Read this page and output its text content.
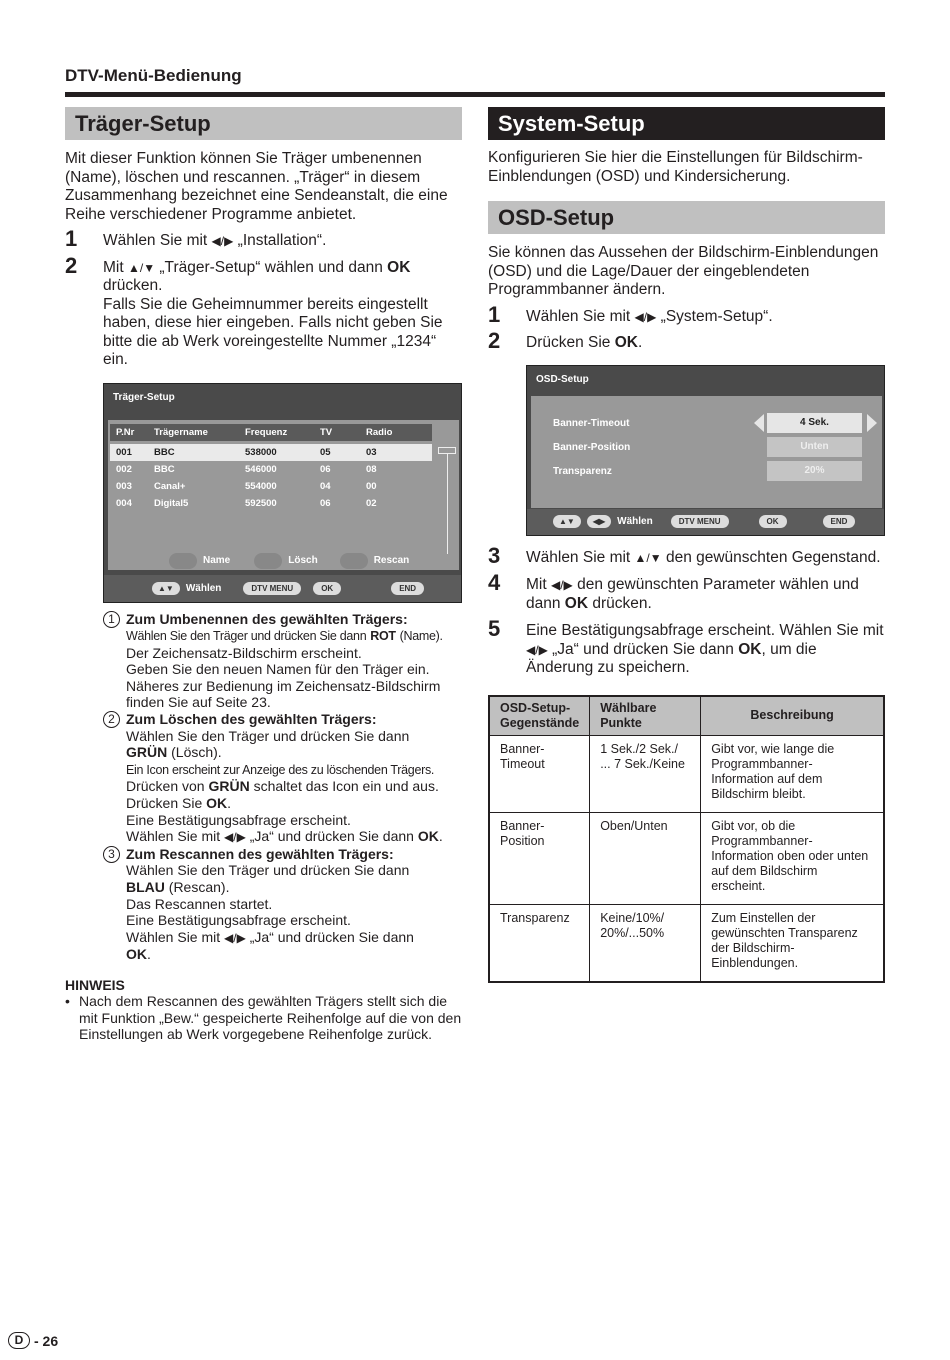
DTV-Menü-Bedienung
Träger-Setup

Mit dieser Funktion können Sie Träger umbenennen (Name), löschen und rescannen. „Träger“ in diesem Zusammenhang bezeichnet eine Sendeanstalt, die eine Reihe verschiedener Programme anbietet.

1 Wählen Sie mit ◀/▶ „Installation“.
2 Mit ▲/▼ „Träger-Setup“ wählen und dann OK drücken.
Falls Sie die Geheimnummer bereits eingestellt haben, diese hier eingeben. Falls nicht geben Sie bitte die ab Werk voreingestellte Nummer „1234“ ein.
Träger-Setup
P.Nr	Trägername	Frequenz	TV	Radio

001	BBC	538000	05	03
002	BBC	546000	06	08
003	Canal+	554000	04	00
004	Digital5	592500	06	02
Name	Lösch	Rescan
▲▼	Wählen	DTV MENU	OK	END
1 Zum Umbenennen des gewählten Trägers:
Wählen Sie den Träger und drücken Sie dann ROT (Name).
Der Zeichensatz-Bildschirm erscheint.
Geben Sie den neuen Namen für den Träger ein.
Näheres zur Bedienung im Zeichensatz-Bildschirm finden Sie auf Seite 23.
2 Zum Löschen des gewählten Trägers:
Wählen Sie den Träger und drücken Sie dann
GRÜN (Lösch).
Ein Icon erscheint zur Anzeige des zu löschenden Trägers.
Drücken von GRÜN schaltet das Icon ein und aus.
Drücken Sie OK.
Eine Bestätigungsabfrage erscheint.
Wählen Sie mit ◀/▶ „Ja“ und drücken Sie dann OK.
3 Zum Rescannen des gewählten Trägers:
Wählen Sie den Träger und drücken Sie dann
BLAU (Rescan).
Das Rescannen startet.
Eine Bestätigungsabfrage erscheint.
Wählen Sie mit ◀/▶ „Ja“ und drücken Sie dann
OK.
HINWEIS
• Nach dem Rescannen des gewählten Trägers stellt sich die mit Funktion „Bew.“ gespeicherte Reihenfolge auf die von den Einstellungen ab Werk vorgegebene Reihenfolge zurück.
System-Setup

Konfigurieren Sie hier die Einstellungen für Bildschirm-Einblendungen (OSD) und Kindersicherung.

OSD-Setup

Sie können das Aussehen der Bildschirm-Einblendungen (OSD) und die Lage/Dauer der eingeblendeten Programmbanner ändern.

1 Wählen Sie mit ◀/▶ „System-Setup“.
2 Drücken Sie OK.
OSD-Setup
Banner-Timeout	4 Sek.
Banner-Position	Unten
Transparenz	20%
▲▼	◀▶	Wählen	DTV MENU	OK	END
3 Wählen Sie mit ▲/▼ den gewünschten Gegenstand.
4 Mit ◀/▶ den gewünschten Parameter wählen und dann OK drücken.
5 Eine Bestätigungsabfrage erscheint. Wählen Sie mit ◀/▶ „Ja“ und drücken Sie dann OK, um die Änderung zu speichern.
OSD-Setup-Gegenstände	Wählbare Punkte	Beschreibung
Banner-Timeout	1 Sek./2 Sek./ ... 7 Sek./Keine	Gibt vor, wie lange die Programmbanner-Information auf dem Bildschirm bleibt.
Banner-Position	Oben/Unten	Gibt vor, ob die Programmbanner-Information oben oder unten auf dem Bildschirm erscheint.
Transparenz	Keine/10%/ 20%/...50%	Zum Einstellen der gewünschten Transparenz der Bildschirm-Einblendungen.
D - 26
